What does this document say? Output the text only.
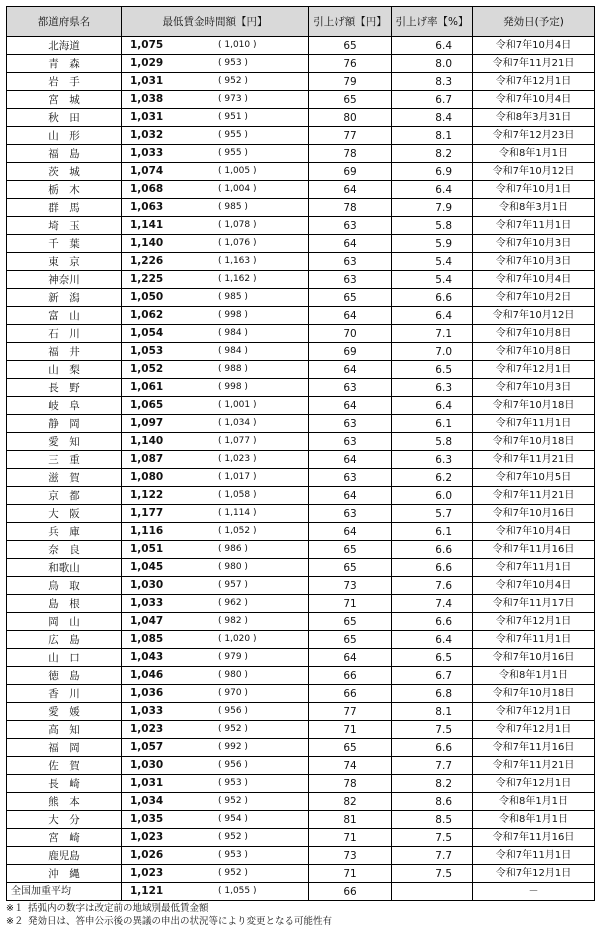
都道府県名	最低賃金時間額【円】	引上げ額【円】	引上げ率【%】	発効日(予定)
北海道	1,075 ( 1,010 )	65	6.4	令和7年10月4日
青　森	1,029 ( 953 )	76	8.0	令和7年11月21日
岩　手	1,031 ( 952 )	79	8.3	令和7年12月1日
宮　城	1,038 ( 973 )	65	6.7	令和7年10月4日
秋　田	1,031 ( 951 )	80	8.4	令和8年3月31日
山　形	1,032 ( 955 )	77	8.1	令和7年12月23日
福　島	1,033 ( 955 )	78	8.2	令和8年1月1日
茨　城	1,074 ( 1,005 )	69	6.9	令和7年10月12日
栃　木	1,068 ( 1,004 )	64	6.4	令和7年10月1日
群　馬	1,063 ( 985 )	78	7.9	令和8年3月1日
埼　玉	1,141 ( 1,078 )	63	5.8	令和7年11月1日
千　葉	1,140 ( 1,076 )	64	5.9	令和7年10月3日
東　京	1,226 ( 1,163 )	63	5.4	令和7年10月3日
神奈川	1,225 ( 1,162 )	63	5.4	令和7年10月4日
新　潟	1,050 ( 985 )	65	6.6	令和7年10月2日
富　山	1,062 ( 998 )	64	6.4	令和7年10月12日
石　川	1,054 ( 984 )	70	7.1	令和7年10月8日
福　井	1,053 ( 984 )	69	7.0	令和7年10月8日
山　梨	1,052 ( 988 )	64	6.5	令和7年12月1日
長　野	1,061 ( 998 )	63	6.3	令和7年10月3日
岐　阜	1,065 ( 1,001 )	64	6.4	令和7年10月18日
静　岡	1,097 ( 1,034 )	63	6.1	令和7年11月1日
愛　知	1,140 ( 1,077 )	63	5.8	令和7年10月18日
三　重	1,087 ( 1,023 )	64	6.3	令和7年11月21日
滋　賀	1,080 ( 1,017 )	63	6.2	令和7年10月5日
京　都	1,122 ( 1,058 )	64	6.0	令和7年11月21日
大　阪	1,177 ( 1,114 )	63	5.7	令和7年10月16日
兵　庫	1,116 ( 1,052 )	64	6.1	令和7年10月4日
奈　良	1,051 ( 986 )	65	6.6	令和7年11月16日
和歌山	1,045 ( 980 )	65	6.6	令和7年11月1日
鳥　取	1,030 ( 957 )	73	7.6	令和7年10月4日
島　根	1,033 ( 962 )	71	7.4	令和7年11月17日
岡　山	1,047 ( 982 )	65	6.6	令和7年12月1日
広　島	1,085 ( 1,020 )	65	6.4	令和7年11月1日
山　口	1,043 ( 979 )	64	6.5	令和7年10月16日
徳　島	1,046 ( 980 )	66	6.7	令和8年1月1日
香　川	1,036 ( 970 )	66	6.8	令和7年10月18日
愛　媛	1,033 ( 956 )	77	8.1	令和7年12月1日
高　知	1,023 ( 952 )	71	7.5	令和7年12月1日
福　岡	1,057 ( 992 )	65	6.6	令和7年11月16日
佐　賀	1,030 ( 956 )	74	7.7	令和7年11月21日
長　崎	1,031 ( 953 )	78	8.2	令和7年12月1日
熊　本	1,034 ( 952 )	82	8.6	令和8年1月1日
大　分	1,035 ( 954 )	81	8.5	令和8年1月1日
宮　崎	1,023 ( 952 )	71	7.5	令和7年11月16日
鹿児島	1,026 ( 953 )	73	7.7	令和7年11月1日
沖　縄	1,023 ( 952 )	71	7.5	令和7年12月1日
全国加重平均	1,121 ( 1,055 )	66		－
※１ 括弧内の数字は改定前の地域別最低賃金額
※２ 発効日は、答申公示後の異議の申出の状況等により変更となる可能性有
